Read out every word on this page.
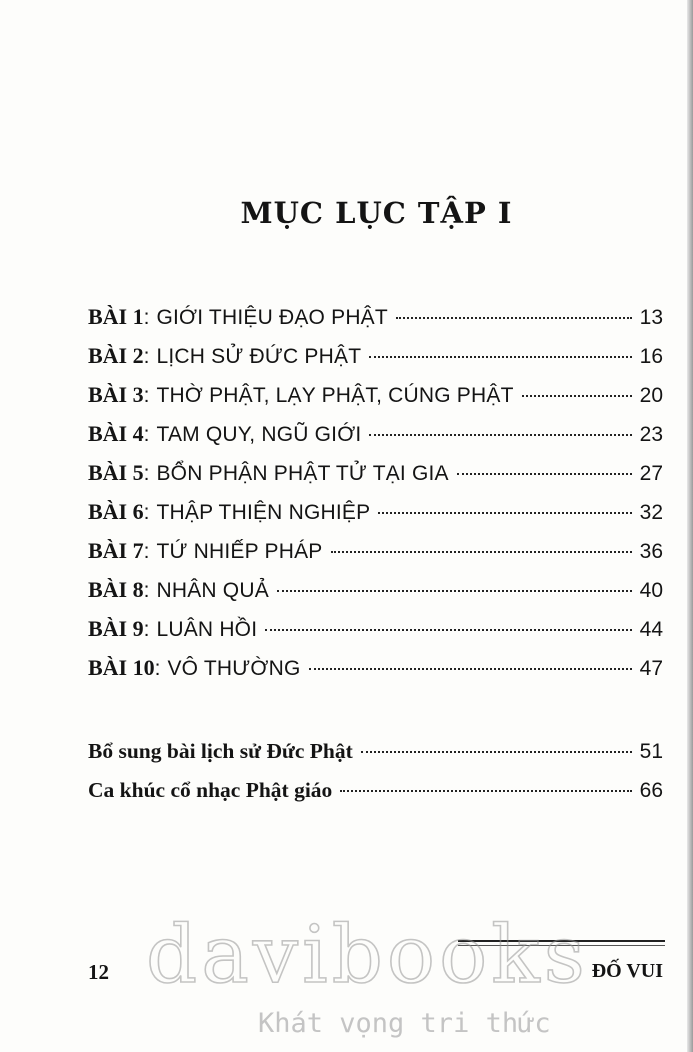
MỤC LỤC TẬP I
BÀI 1 : GIỚI THIỆU ĐẠO PHẬT	13
BÀI 2 : LỊCH SỬ ĐỨC PHẬT	16
BÀI 3 : THỜ PHẬT, LẠY PHẬT, CÚNG PHẬT	20
BÀI 4 : TAM QUY, NGŨ GIỚI	23
BÀI 5 : BỔN PHẬN PHẬT TỬ TẠI GIA	27
BÀI 6 : THẬP THIỆN NGHIỆP	32
BÀI 7 : TỨ NHIẾP PHÁP	36
BÀI 8 : NHÂN QUẢ	40
BÀI 9 : LUÂN HỒI	44
BÀI 10 : VÔ THƯỜNG	47
Bổ sung bài lịch sử Đức Phật	51
Ca khúc cổ nhạc Phật giáo	66
12	ĐỐ VUI
davibooks
Khát vọng tri thức
